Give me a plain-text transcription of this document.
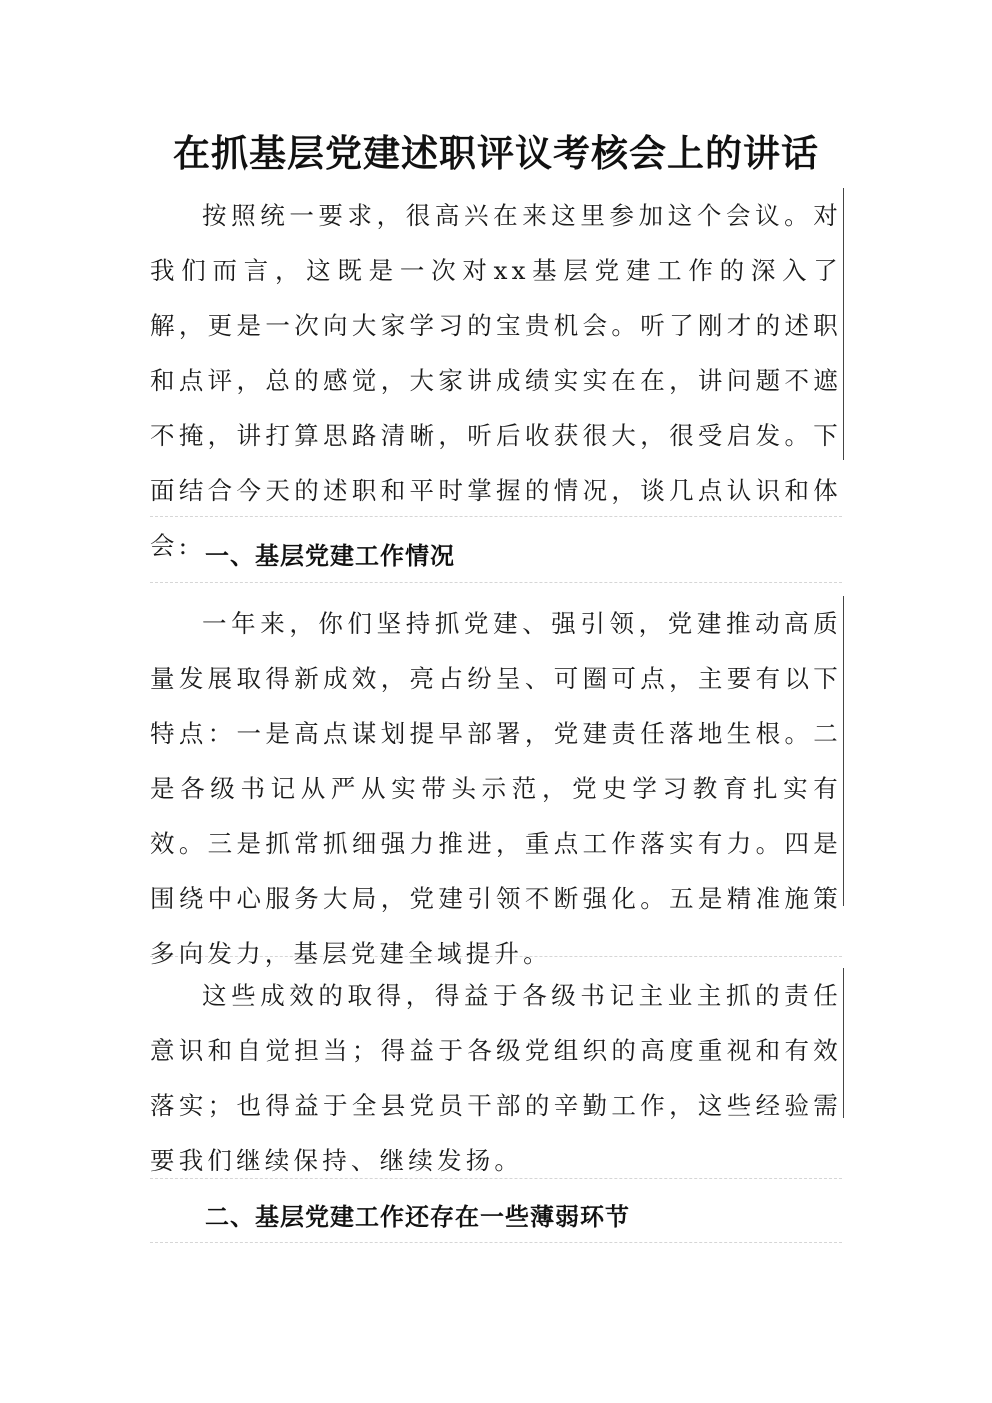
在抓基层党建述职评议考核会上的讲话

按照统一要求，很高兴在来这里参加这个会议。对我们而言，这既是一次对xx基层党建工作的深入了解，更是一次向大家学习的宝贵机会。听了刚才的述职和点评，总的感觉，大家讲成绩实实在在，讲问题不遮不掩，讲打算思路清晰，听后收获很大，很受启发。下面结合今天的述职和平时掌握的情况，谈几点认识和体会: 一、基层党建工作情况

一年来，你们坚持抓党建、强引领，党建推动高质量发展取得新成效，亮占纷呈、可圈可点，主要有以下特点：一是高点谋划提早部署，党建责任落地生根。二是各级书记从严从实带头示范，党史学习教育扎实有效。三是抓常抓细强力推进，重点工作落实有力。四是围绕中心服务大局，党建引领不断强化。五是精准施策多向发力，基层党建全域提升。

这些成效的取得，得益于各级书记主业主抓的责任意识和自觉担当；得益于各级党组织的高度重视和有效落实；也得益于全县党员干部的辛勤工作，这些经验需要我们继续保持、继续发扬。

二、基层党建工作还存在一些薄弱环节
